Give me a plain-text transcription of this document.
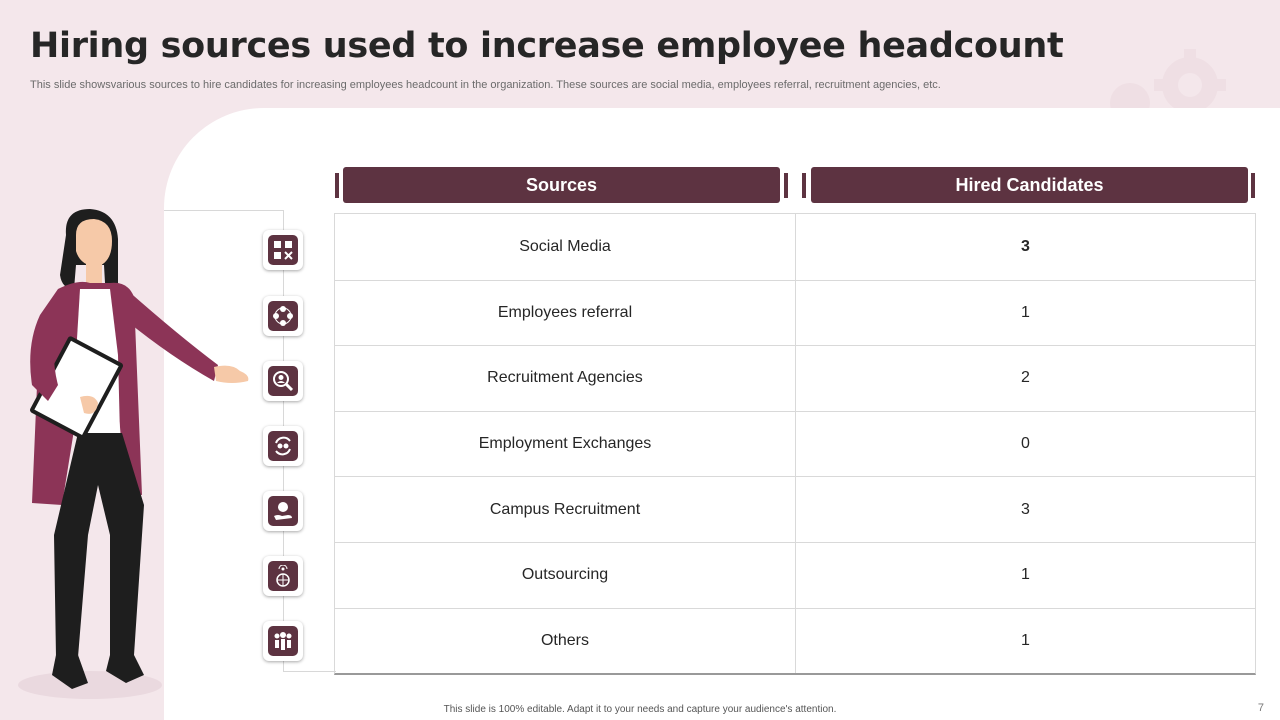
Hiring sources used to increase employee headcount
This slide showsvarious sources to hire candidates for increasing employees headcount in the organization. These sources are social media, employees referral, recruitment agencies, etc.
Sources	Hired Candidates
Social Media	3
Employees referral	1
Recruitment Agencies	2
Employment Exchanges	0
Campus Recruitment	3
Outsourcing	1
Others	1
This slide is 100% editable. Adapt it to your needs and capture your audience's attention.	7
